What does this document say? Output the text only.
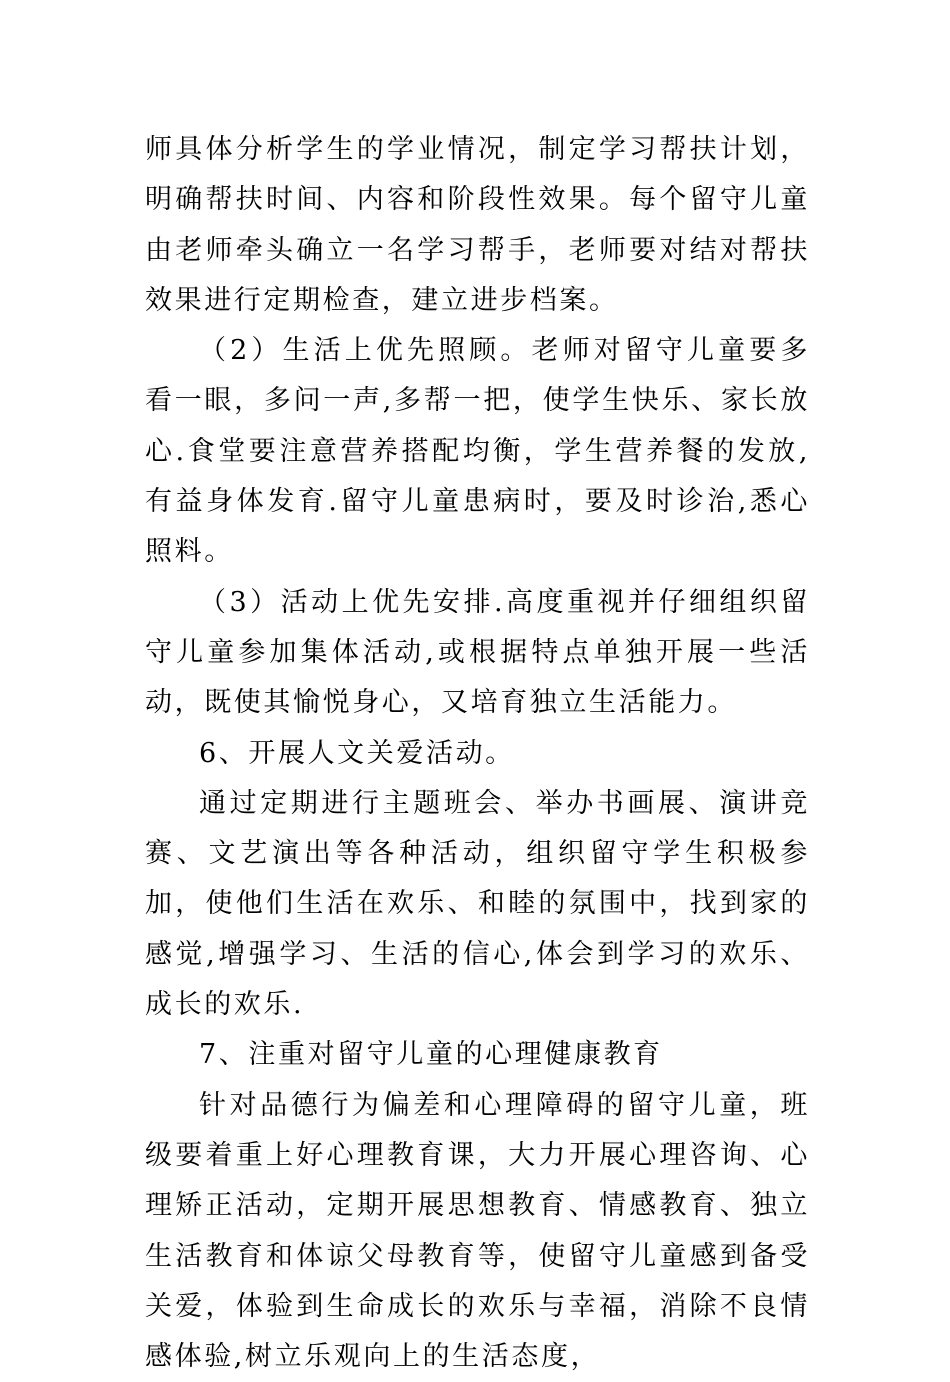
师具体分析学生的学业情况，制定学习帮扶计划，明确帮扶时间、内容和阶段性效果。每个留守儿童由老师牵头确立一名学习帮手，老师要对结对帮扶效果进行定期检查，建立进步档案。

（2）生活上优先照顾。老师对留守儿童要多看一眼，多问一声,多帮一把，使学生快乐、家长放心.食堂要注意营养搭配均衡，学生营养餐的发放,有益身体发育.留守儿童患病时，要及时诊治,悉心照料。

（3）活动上优先安排.高度重视并仔细组织留守儿童参加集体活动,或根据特点单独开展一些活动，既使其愉悦身心，又培育独立生活能力。

6、开展人文关爱活动。

通过定期进行主题班会、举办书画展、演讲竞赛、文艺演出等各种活动，组织留守学生积极参加，使他们生活在欢乐、和睦的氛围中，找到家的感觉,增强学习、生活的信心,体会到学习的欢乐、成长的欢乐.

7、注重对留守儿童的心理健康教育

针对品德行为偏差和心理障碍的留守儿童，班级要着重上好心理教育课，大力开展心理咨询、心理矫正活动，定期开展思想教育、情感教育、独立生活教育和体谅父母教育等，使留守儿童感到备受关爱，体验到生命成长的欢乐与幸福，消除不良情感体验,树立乐观向上的生活态度，
